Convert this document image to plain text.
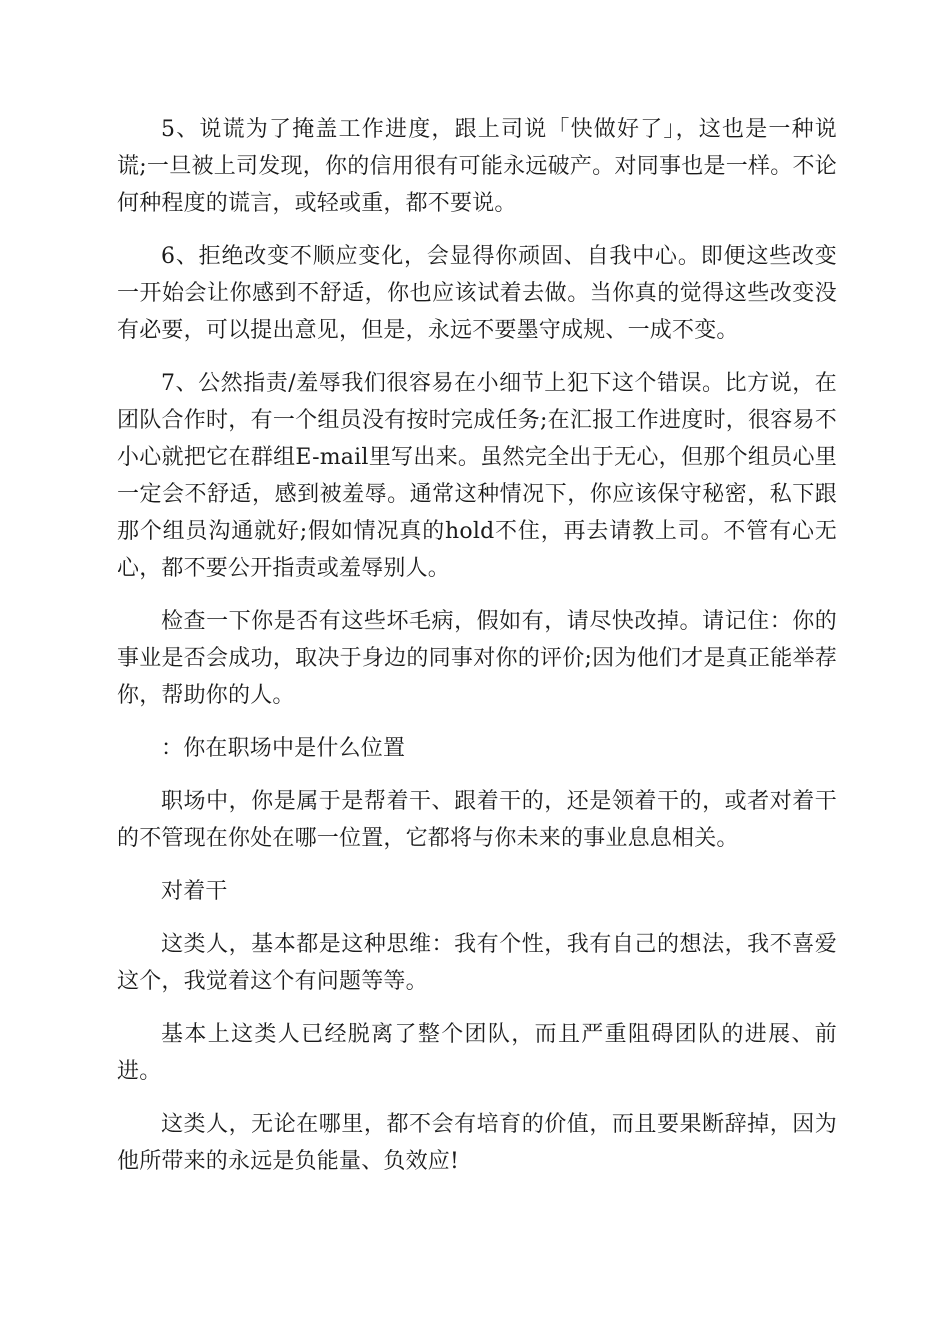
5、说谎为了掩盖工作进度，跟上司说「快做好了」，这也是一种说谎;一旦被上司发现，你的信用很有可能永远破产。对同事也是一样。不论何种程度的谎言，或轻或重，都不要说。

6、拒绝改变不顺应变化，会显得你顽固、自我中心。即便这些改变一开始会让你感到不舒适，你也应该试着去做。当你真的觉得这些改变没有必要，可以提出意见，但是，永远不要墨守成规、一成不变。

7、公然指责/羞辱我们很容易在小细节上犯下这个错误。比方说，在团队合作时，有一个组员没有按时完成任务;在汇报工作进度时，很容易不小心就把它在群组E-mail里写出来。虽然完全出于无心，但那个组员心里一定会不舒适，感到被羞辱。通常这种情况下，你应该保守秘密，私下跟那个组员沟通就好;假如情况真的hold不住，再去请教上司。不管有心无心，都不要公开指责或羞辱别人。

检查一下你是否有这些坏毛病，假如有，请尽快改掉。请记住：你的事业是否会成功，取决于身边的同事对你的评价;因为他们才是真正能举荐你，帮助你的人。

：你在职场中是什么位置

职场中，你是属于是帮着干、跟着干的，还是领着干的，或者对着干的不管现在你处在哪一位置，它都将与你未来的事业息息相关。

对着干

这类人，基本都是这种思维：我有个性，我有自己的想法，我不喜爱这个，我觉着这个有问题等等。

基本上这类人已经脱离了整个团队，而且严重阻碍团队的进展、前进。

这类人，无论在哪里，都不会有培育的价值，而且要果断辞掉，因为他所带来的永远是负能量、负效应!
